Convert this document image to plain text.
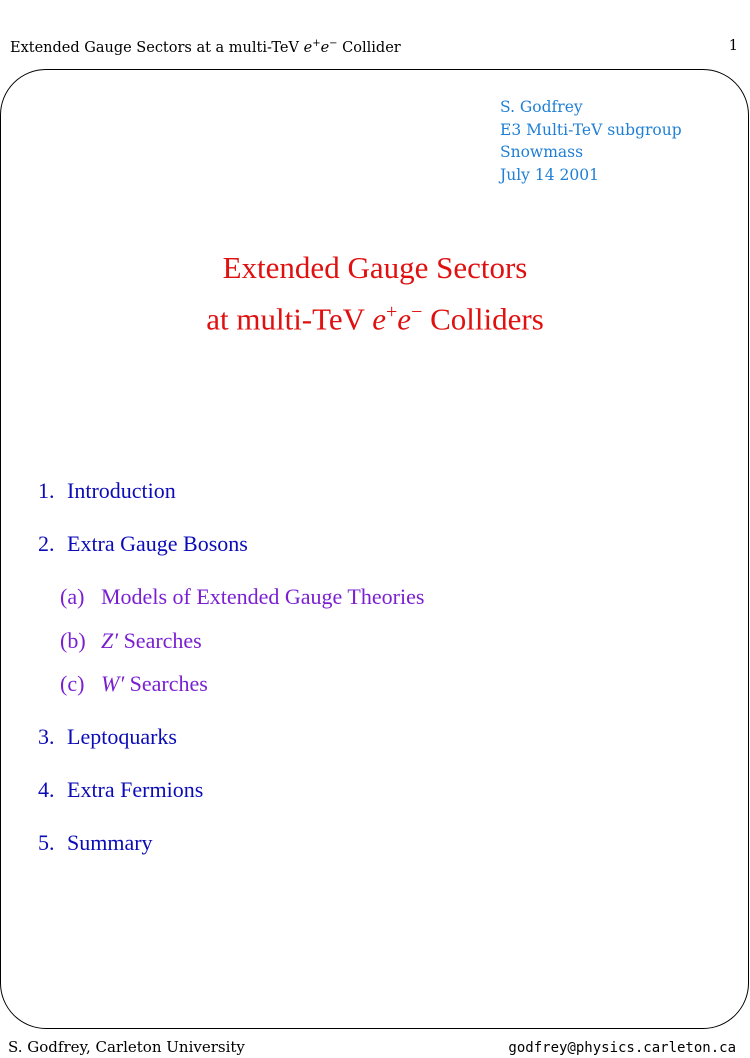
Extended Gauge Sectors at a multi-TeV e+e− Collider	1
S. Godfrey
E3 Multi-TeV subgroup
Snowmass
July 14 2001
Extended Gauge Sectors
at multi-TeV e+e− Colliders
1. Introduction
2. Extra Gauge Bosons
(a) Models of Extended Gauge Theories
(b) Z′ Searches
(c) W′ Searches
3. Leptoquarks
4. Extra Fermions
5. Summary
S. Godfrey, Carleton University	godfrey@physics.carleton.ca
